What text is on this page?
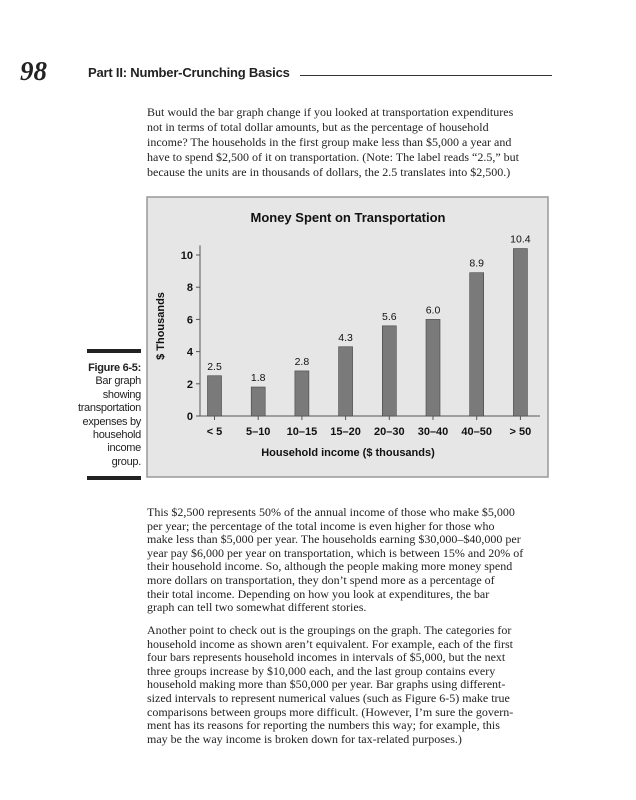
98	Part II: Number-Crunching Basics
But would the bar graph change if you looked at transportation expenditures
not in terms of total dollar amounts, but as the percentage of household
income? The households in the first group make less than $5,000 a year and
have to spend $2,500 of it on transportation. (Note: The label reads “2.5,” but
because the units are in thousands of dollars, the 2.5 translates into $2,500.)
This $2,500 represents 50% of the annual income of those who make $5,000
per year; the percentage of the total income is even higher for those who
make less than $5,000 per year. The households earning $30,000–$40,000 per
year pay $6,000 per year on transportation, which is between 15% and 20% of
their household income. So, although the people making more money spend
more dollars on transportation, they don’t spend more as a percentage of
their total income. Depending on how you look at expenditures, the bar
graph can tell two somewhat different stories.
Another point to check out is the groupings on the graph. The categories for
household income as shown aren’t equivalent. For example, each of the first
four bars represents household incomes in intervals of $5,000, but the next
three groups increase by $10,000 each, and the last group contains every
household making more than $50,000 per year. Bar graphs using different-
sized intervals to represent numerical values (such as Figure 6-5) make true
comparisons between groups more difficult. (However, I’m sure the govern-
ment has its reasons for reporting the numbers this way; for example, this
may be the way income is broken down for tax-related purposes.)
Figure 6-5:
Bar graph
showing
transportation
expenses by
household
income
group.
Money Spent on Transportation
0
2
4
6
8
10
2.5
< 5
1.8
5–10
2.8
10–15
4.3
15–20
5.6
20–30
6.0
30–40
8.9
40–50
10.4
> 50
Household income ($ thousands)
$ Thousands
